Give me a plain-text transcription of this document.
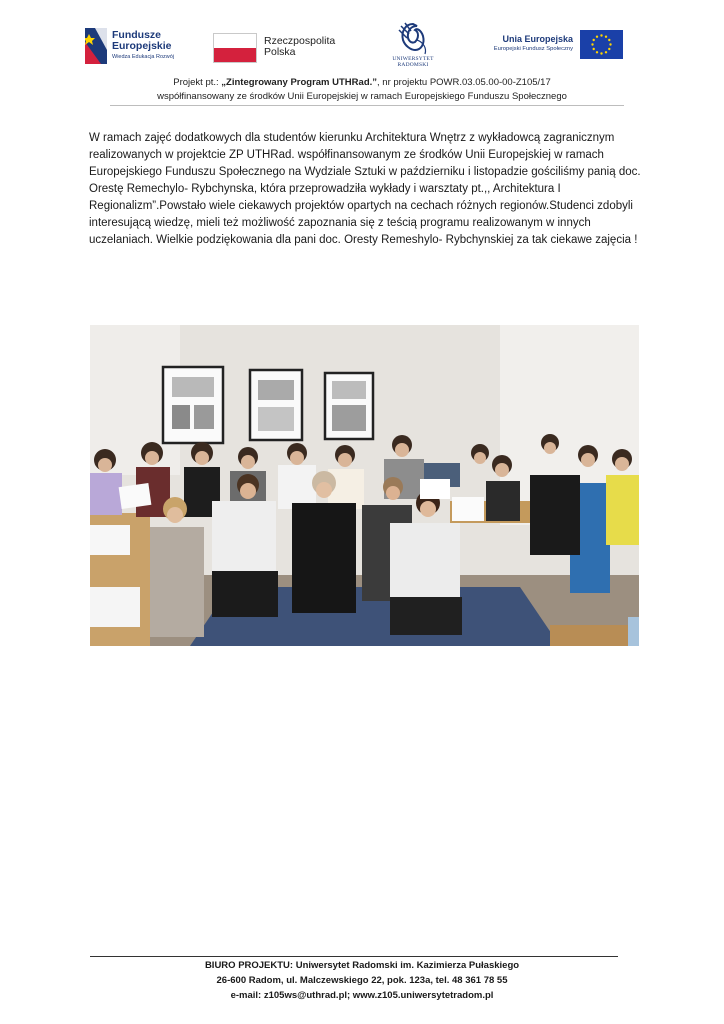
Fundusze
Europejskie
Wiedza Edukacja Rozwój
Rzeczpospolita
Polska
UNIWERSYTET
RADOMSKI
Unia Europejska
Europejski Fundusz Społeczny
Projekt pt.: „Zintegrowany Program UTHRad.”, nr projektu POWR.03.05.00-00-Z105/17
współfinansowany ze środków Unii Europejskiej w ramach Europejskiego Funduszu Społecznego
W ramach zajęć dodatkowych dla studentów kierunku Architektura Wnętrz z wykładowcą zagranicznym realizowanych w projektcie ZP UTHRad. współfinansowanym ze środków Unii Europejskiej w ramach Europejskiego Funduszu Społecznego na Wydziale Sztuki w październiku i listopadzie gościliśmy panią doc. Orestę Remechylo- Rybchynska, która przeprowadziła wykłady i warsztaty pt.,, Architektura I Regionalizm”.Powstało wiele ciekawych projektów opartych na cechach różnych regionów.Studenci zdobyli interesującą wiedzę, mieli też możliwość zapoznania się z teścią programu realizowanym w innych uczelaniach. Wielkie podziękowania dla pani doc. Oresty Remeshylo- Rybchynskiej za tak ciekawe zajęcia !
BIURO PROJEKTU: Uniwersytet Radomski im. Kazimierza Pułaskiego
26-600 Radom, ul. Malczewskiego 22, pok. 123a, tel. 48 361 78 55
e-mail: z105ws@uthrad.pl; www.z105.uniwersytetradom.pl
